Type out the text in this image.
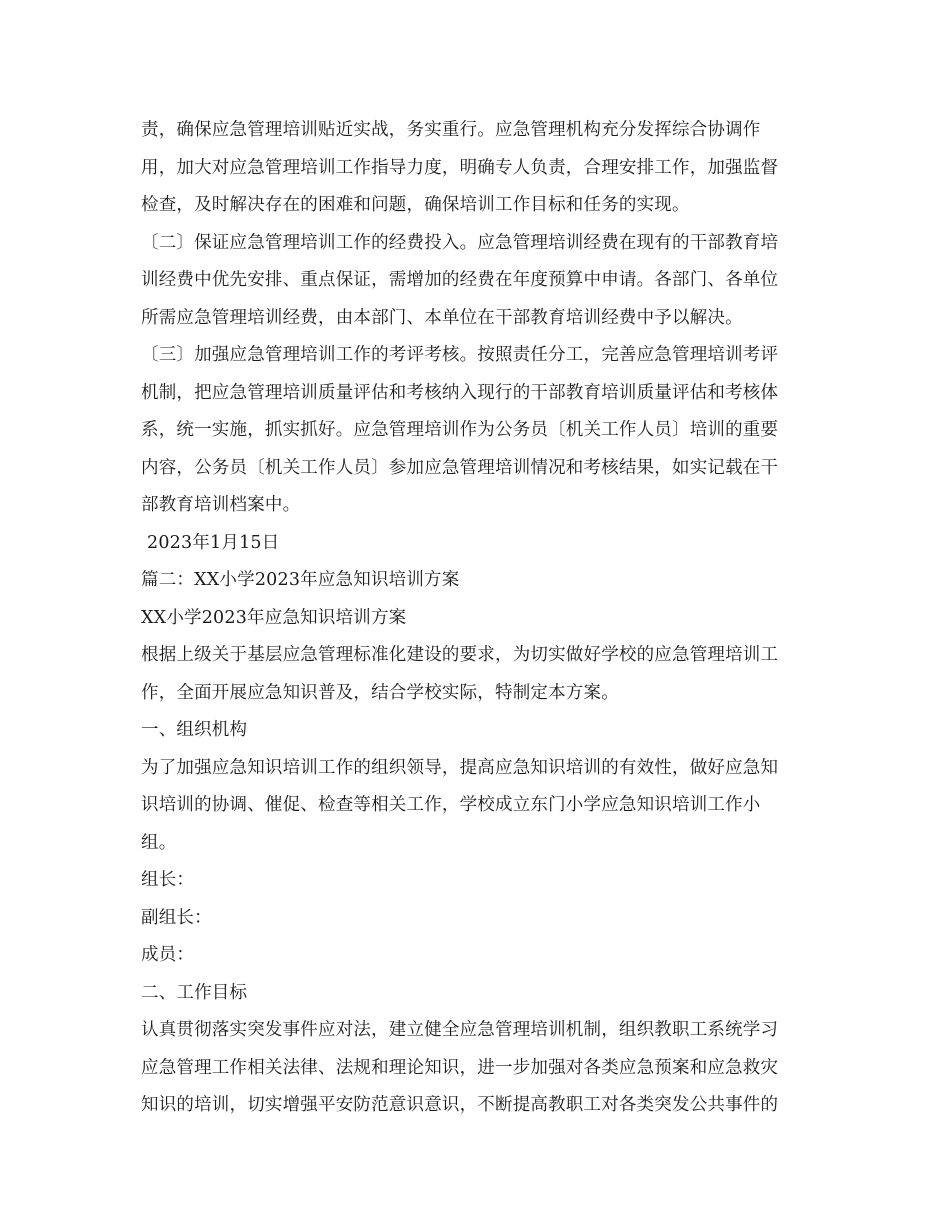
责，确保应急管理培训贴近实战，务实重行。应急管理机构充分发挥综合协调作
用，加大对应急管理培训工作指导力度，明确专人负责，合理安排工作，加强监督
检查，及时解决存在的困难和问题，确保培训工作目标和任务的实现。
〔二〕保证应急管理培训工作的经费投入。应急管理培训经费在现有的干部教育培
训经费中优先安排、重点保证，需增加的经费在年度预算中申请。各部门、各单位
所需应急管理培训经费，由本部门、本单位在干部教育培训经费中予以解决。
〔三〕加强应急管理培训工作的考评考核。按照责任分工，完善应急管理培训考评
机制，把应急管理培训质量评估和考核纳入现行的干部教育培训质量评估和考核体
系，统一实施，抓实抓好。应急管理培训作为公务员〔机关工作人员〕培训的重要
内容，公务员〔机关工作人员〕参加应急管理培训情况和考核结果，如实记载在干
部教育培训档案中。
2023年1月15日
篇二：XX小学2023年应急知识培训方案
XX小学2023年应急知识培训方案
根据上级关于基层应急管理标准化建设的要求，为切实做好学校的应急管理培训工
作，全面开展应急知识普及，结合学校实际，特制定本方案。
一、组织机构
为了加强应急知识培训工作的组织领导，提高应急知识培训的有效性，做好应急知
识培训的协调、催促、检查等相关工作，学校成立东门小学应急知识培训工作小
组。
组长：
副组长：
成员：
二、工作目标
认真贯彻落实突发事件应对法，建立健全应急管理培训机制，组织教职工系统学习
应急管理工作相关法律、法规和理论知识，进一步加强对各类应急预案和应急救灾
知识的培训，切实增强平安防范意识意识，不断提高教职工对各类突发公共事件的
